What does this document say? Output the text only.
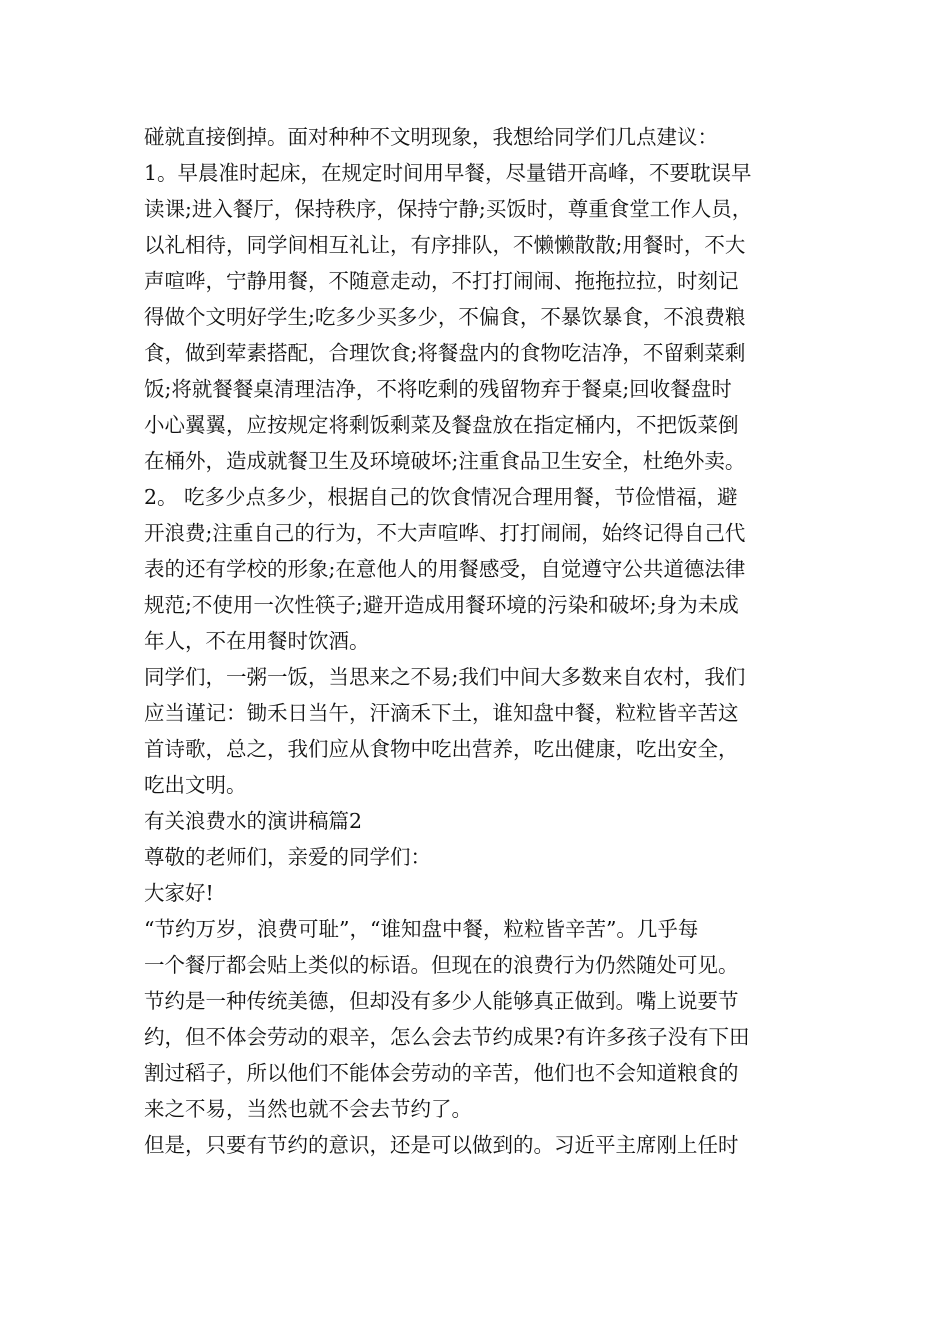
碰就直接倒掉。面对种种不文明现象，我想给同学们几点建议：
1。早晨准时起床，在规定时间用早餐，尽量错开高峰，不要耽误早
读课;进入餐厅，保持秩序，保持宁静;买饭时，尊重食堂工作人员，
以礼相待，同学间相互礼让，有序排队，不懒懒散散;用餐时，不大
声喧哗，宁静用餐，不随意走动，不打打闹闹、拖拖拉拉，时刻记
得做个文明好学生;吃多少买多少，不偏食，不暴饮暴食，不浪费粮
食，做到荤素搭配，合理饮食;将餐盘内的食物吃洁净，不留剩菜剩
饭;将就餐餐桌清理洁净，不将吃剩的残留物弃于餐桌;回收餐盘时
小心翼翼，应按规定将剩饭剩菜及餐盘放在指定桶内，不把饭菜倒
在桶外，造成就餐卫生及环境破坏;注重食品卫生安全，杜绝外卖。
2。 吃多少点多少，根据自己的饮食情况合理用餐，节俭惜福，避
开浪费;注重自己的行为，不大声喧哗、打打闹闹，始终记得自己代
表的还有学校的形象;在意他人的用餐感受，自觉遵守公共道德法律
规范;不使用一次性筷子;避开造成用餐环境的污染和破坏;身为未成
年人，不在用餐时饮酒。
同学们，一粥一饭，当思来之不易;我们中间大多数来自农村，我们
应当谨记：锄禾日当午，汗滴禾下土，谁知盘中餐，粒粒皆辛苦这
首诗歌，总之，我们应从食物中吃出营养，吃出健康，吃出安全，
吃出文明。
有关浪费水的演讲稿篇2
尊敬的老师们，亲爱的同学们：
大家好!
“节约万岁，浪费可耻”，“谁知盘中餐，粒粒皆辛苦”。几乎每
一个餐厅都会贴上类似的标语。但现在的浪费行为仍然随处可见。
节约是一种传统美德，但却没有多少人能够真正做到。嘴上说要节
约，但不体会劳动的艰辛，怎么会去节约成果?有许多孩子没有下田
割过稻子，所以他们不能体会劳动的辛苦，他们也不会知道粮食的
来之不易，当然也就不会去节约了。
但是，只要有节约的意识，还是可以做到的。习近平主席刚上任时
